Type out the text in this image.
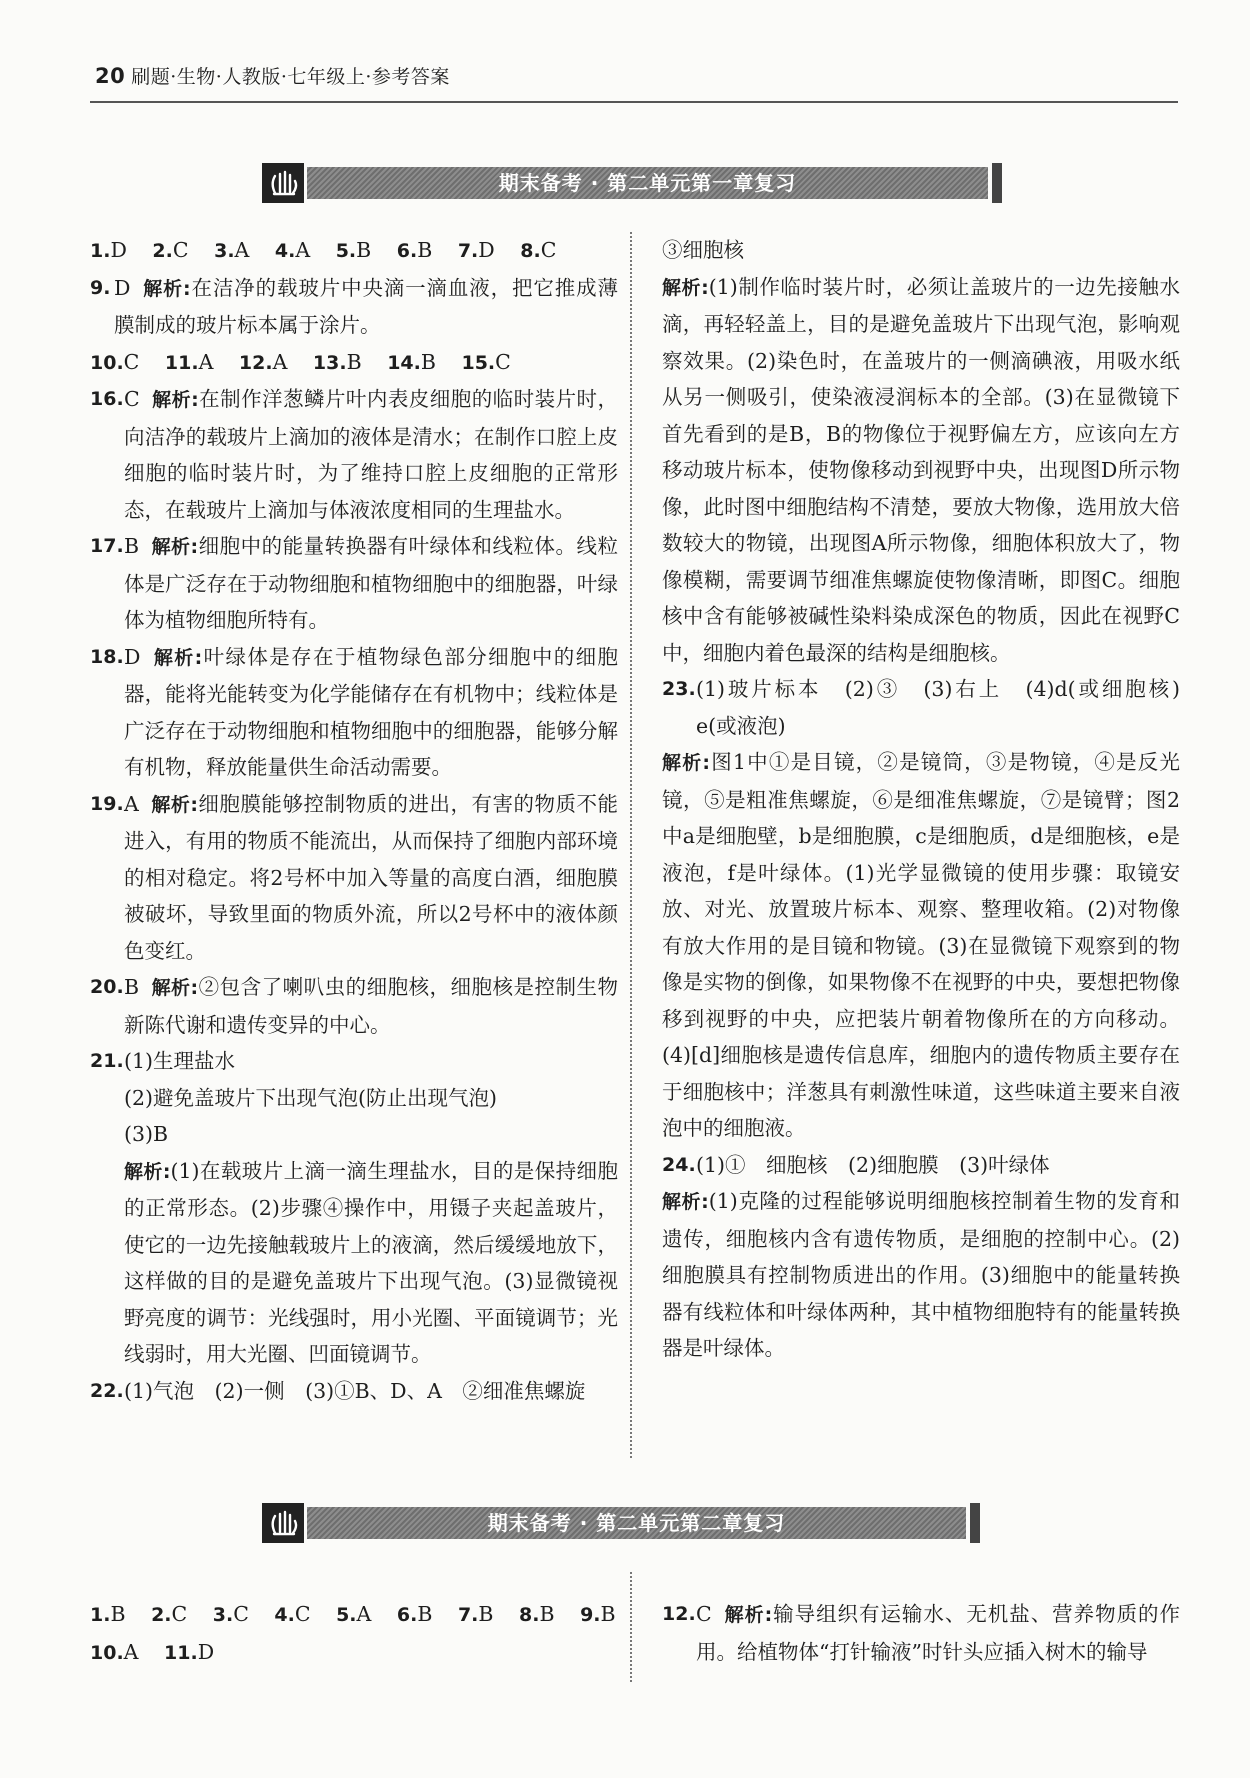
20 刷题·生物·人教版·七年级上·参考答案
期末备考 · 第二单元第一章复习
1.D 2.C 3.A 4.A 5.B 6.B 7.D 8.C
9. D 解析:在洁净的载玻片中央滴一滴血液，把它推成薄膜制成的玻片标本属于涂片。
10.C 11.A 12.A 13.B 14.B 15.C
16. C 解析:在制作洋葱鳞片叶内表皮细胞的临时装片时，向洁净的载玻片上滴加的液体是清水；在制作口腔上皮细胞的临时装片时，为了维持口腔上皮细胞的正常形态，在载玻片上滴加与体液浓度相同的生理盐水。
17. B 解析:细胞中的能量转换器有叶绿体和线粒体。线粒体是广泛存在于动物细胞和植物细胞中的细胞器，叶绿体为植物细胞所特有。
18. D 解析:叶绿体是存在于植物绿色部分细胞中的细胞器，能将光能转变为化学能储存在有机物中；线粒体是广泛存在于动物细胞和植物细胞中的细胞器，能够分解有机物，释放能量供生命活动需要。
19. A 解析:细胞膜能够控制物质的进出，有害的物质不能进入，有用的物质不能流出，从而保持了细胞内部环境的相对稳定。将2号杯中加入等量的高度白酒，细胞膜被破坏，导致里面的物质外流，所以2号杯中的液体颜色变红。
20. B 解析:②包含了喇叭虫的细胞核，细胞核是控制生物新陈代谢和遗传变异的中心。
21. (1)生理盐水
(2)避免盖玻片下出现气泡(防止出现气泡)
(3)B
解析:(1)在载玻片上滴一滴生理盐水，目的是保持细胞的正常形态。(2)步骤④操作中，用镊子夹起盖玻片，使它的一边先接触载玻片上的液滴，然后缓缓地放下，这样做的目的是避免盖玻片下出现气泡。(3)显微镜视野亮度的调节：光线强时，用小光圈、平面镜调节；光线弱时，用大光圈、凹面镜调节。
22. (1)气泡　(2)一侧　(3)①B、D、A　②细准焦螺旋
③细胞核
解析:(1)制作临时装片时，必须让盖玻片的一边先接触水滴，再轻轻盖上，目的是避免盖玻片下出现气泡，影响观察效果。(2)染色时，在盖玻片的一侧滴碘液，用吸水纸从另一侧吸引，使染液浸润标本的全部。(3)在显微镜下首先看到的是B，B的物像位于视野偏左方，应该向左方移动玻片标本，使物像移动到视野中央，出现图D所示物像，此时图中细胞结构不清楚，要放大物像，选用放大倍数较大的物镜，出现图A所示物像，细胞体积放大了，物像模糊，需要调节细准焦螺旋使物像清晰，即图C。细胞核中含有能够被碱性染料染成深色的物质，因此在视野C中，细胞内着色最深的结构是细胞核。
23. (1)玻片标本　(2)③　(3)右上　(4)d(或细胞核)　e(或液泡)
解析:图1中①是目镜，②是镜筒，③是物镜，④是反光镜，⑤是粗准焦螺旋，⑥是细准焦螺旋，⑦是镜臂；图2中a是细胞壁，b是细胞膜，c是细胞质，d是细胞核，e是液泡，f是叶绿体。(1)光学显微镜的使用步骤：取镜安放、对光、放置玻片标本、观察、整理收箱。(2)对物像有放大作用的是目镜和物镜。(3)在显微镜下观察到的物像是实物的倒像，如果物像不在视野的中央，要想把物像移到视野的中央，应把装片朝着物像所在的方向移动。(4)[d]细胞核是遗传信息库，细胞内的遗传物质主要存在于细胞核中；洋葱具有刺激性味道，这些味道主要来自液泡中的细胞液。
24. (1)①　细胞核　(2)细胞膜　(3)叶绿体
解析:(1)克隆的过程能够说明细胞核控制着生物的发育和遗传，细胞核内含有遗传物质，是细胞的控制中心。(2)细胞膜具有控制物质进出的作用。(3)细胞中的能量转换器有线粒体和叶绿体两种，其中植物细胞特有的能量转换器是叶绿体。
期末备考 · 第二单元第二章复习
1.B 2.C 3.C 4.C 5.A 6.B 7.B 8.B 9.B
10.A 11.D
12. C 解析:输导组织有运输水、无机盐、营养物质的作用。给植物体“打针输液”时针头应插入树木的输导
